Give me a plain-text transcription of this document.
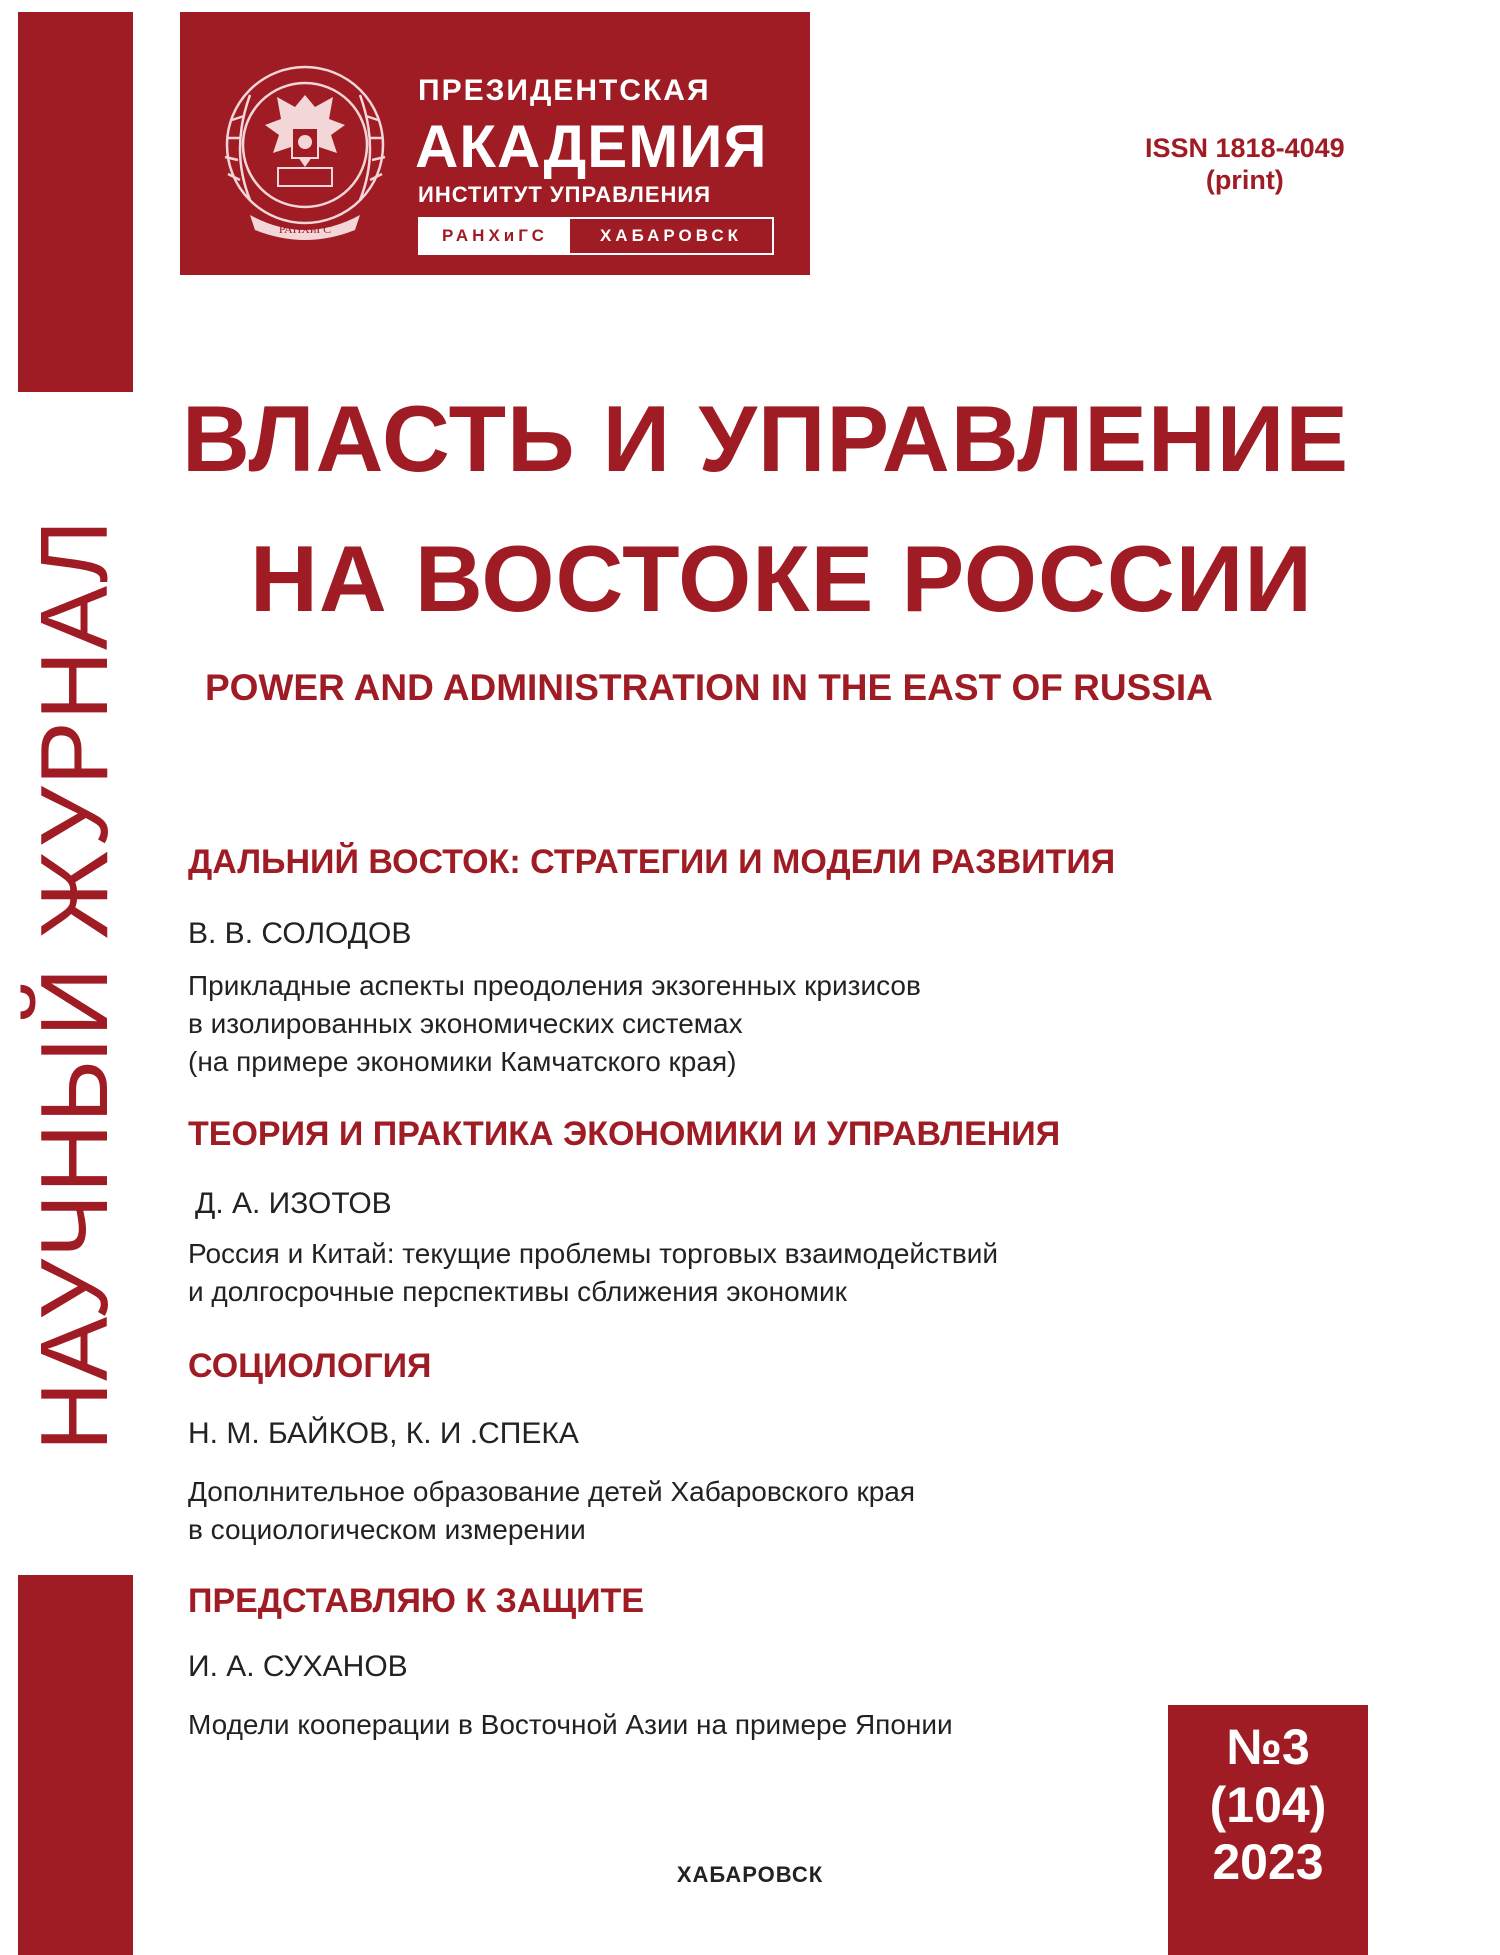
НАУЧНЫЙ ЖУРНАЛ
РАНХиГС
ПРЕЗИДЕНТСКАЯ
АКАДЕМИЯ
ИНСТИТУТ УПРАВЛЕНИЯ
РАНХиГС	ХАБАРОВСК
ISSN 1818-4049
(print)
ВЛАСТЬ И УПРАВЛЕНИЕ
НА ВОСТОКЕ РОССИИ
POWER AND ADMINISTRATION IN THE EAST OF RUSSIA
ДАЛЬНИЙ ВОСТОК: СТРАТЕГИИ И МОДЕЛИ РАЗВИТИЯ
В. В. СОЛОДОВ
Прикладные аспекты преодоления экзогенных кризисов
в изолированных экономических системах
(на примере экономики Камчатского края)
ТЕОРИЯ И ПРАКТИКА ЭКОНОМИКИ И УПРАВЛЕНИЯ
Д. А. ИЗОТОВ
Россия и Китай: текущие проблемы торговых взаимодействий
и долгосрочные перспективы сближения экономик
СОЦИОЛОГИЯ
Н. М. БАЙКОВ, К. И .СПЕКА
Дополнительное образование детей Хабаровского края
в социологическом измерении
ПРЕДСТАВЛЯЮ К ЗАЩИТЕ
И. А. СУХАНОВ
Модели кооперации в Восточной Азии на примере Японии	№3
(104)
2023
ХАБАРОВСК
